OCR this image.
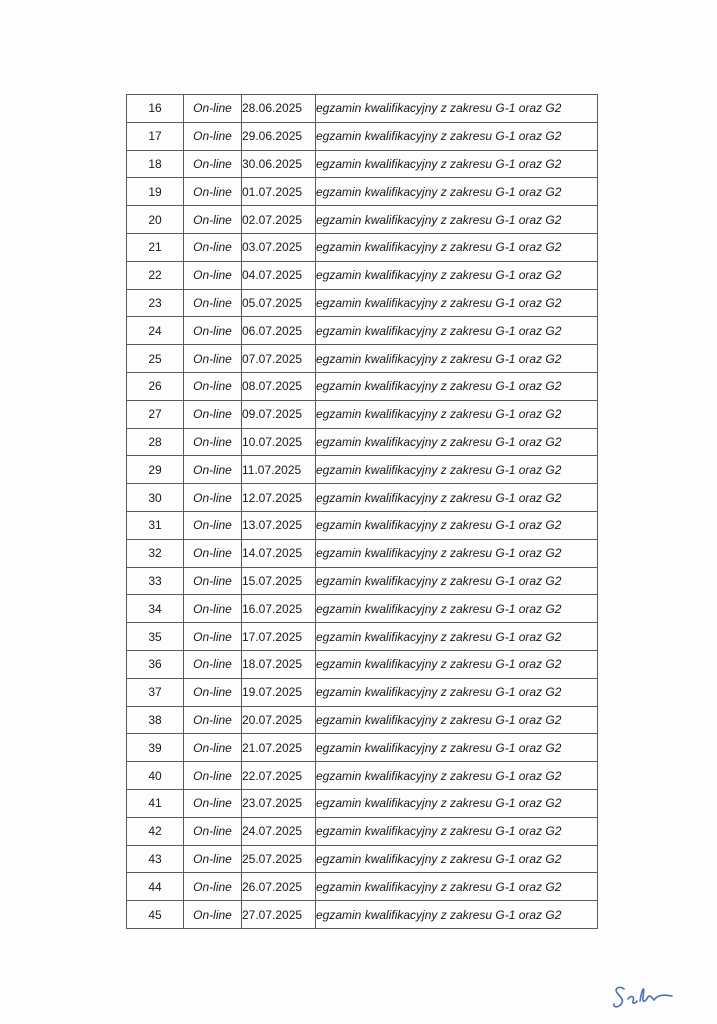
16	On-line	28.06.2025	egzamin kwalifikacyjny z zakresu G-1 oraz G2
17	On-line	29.06.2025	egzamin kwalifikacyjny z zakresu G-1 oraz G2
18	On-line	30.06.2025	egzamin kwalifikacyjny z zakresu G-1 oraz G2
19	On-line	01.07.2025	egzamin kwalifikacyjny z zakresu G-1 oraz G2
20	On-line	02.07.2025	egzamin kwalifikacyjny z zakresu G-1 oraz G2
21	On-line	03.07.2025	egzamin kwalifikacyjny z zakresu G-1 oraz G2
22	On-line	04.07.2025	egzamin kwalifikacyjny z zakresu G-1 oraz G2
23	On-line	05.07.2025	egzamin kwalifikacyjny z zakresu G-1 oraz G2
24	On-line	06.07.2025	egzamin kwalifikacyjny z zakresu G-1 oraz G2
25	On-line	07.07.2025	egzamin kwalifikacyjny z zakresu G-1 oraz G2
26	On-line	08.07.2025	egzamin kwalifikacyjny z zakresu G-1 oraz G2
27	On-line	09.07.2025	egzamin kwalifikacyjny z zakresu G-1 oraz G2
28	On-line	10.07.2025	egzamin kwalifikacyjny z zakresu G-1 oraz G2
29	On-line	11.07.2025	egzamin kwalifikacyjny z zakresu G-1 oraz G2
30	On-line	12.07.2025	egzamin kwalifikacyjny z zakresu G-1 oraz G2
31	On-line	13.07.2025	egzamin kwalifikacyjny z zakresu G-1 oraz G2
32	On-line	14.07.2025	egzamin kwalifikacyjny z zakresu G-1 oraz G2
33	On-line	15.07.2025	egzamin kwalifikacyjny z zakresu G-1 oraz G2
34	On-line	16.07.2025	egzamin kwalifikacyjny z zakresu G-1 oraz G2
35	On-line	17.07.2025	egzamin kwalifikacyjny z zakresu G-1 oraz G2
36	On-line	18.07.2025	egzamin kwalifikacyjny z zakresu G-1 oraz G2
37	On-line	19.07.2025	egzamin kwalifikacyjny z zakresu G-1 oraz G2
38	On-line	20.07.2025	egzamin kwalifikacyjny z zakresu G-1 oraz G2
39	On-line	21.07.2025	egzamin kwalifikacyjny z zakresu G-1 oraz G2
40	On-line	22.07.2025	egzamin kwalifikacyjny z zakresu G-1 oraz G2
41	On-line	23.07.2025	egzamin kwalifikacyjny z zakresu G-1 oraz G2
42	On-line	24.07.2025	egzamin kwalifikacyjny z zakresu G-1 oraz G2
43	On-line	25.07.2025	egzamin kwalifikacyjny z zakresu G-1 oraz G2
44	On-line	26.07.2025	egzamin kwalifikacyjny z zakresu G-1 oraz G2
45	On-line	27.07.2025	egzamin kwalifikacyjny z zakresu G-1 oraz G2
